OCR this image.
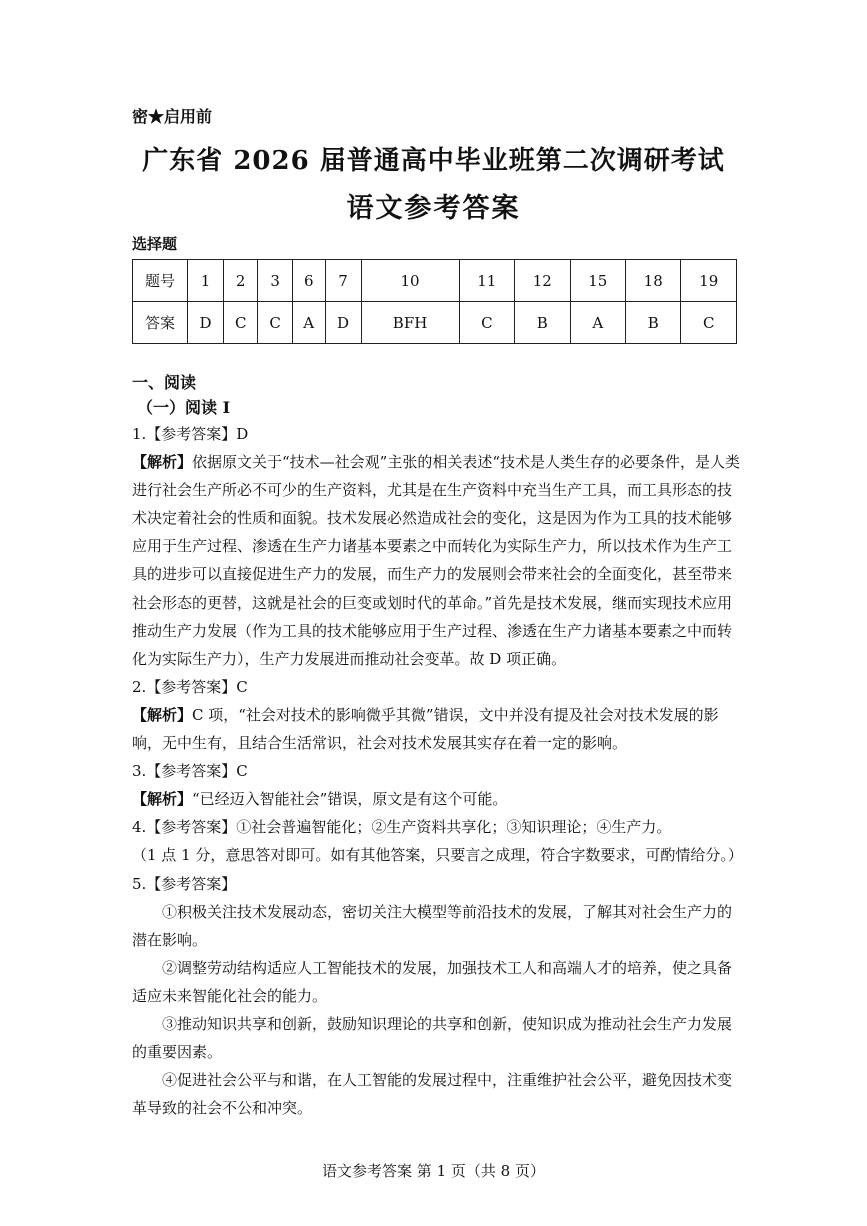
密★启用前
广东省 2026 届普通高中毕业班第二次调研考试
语文参考答案
选择题
题号	1	2	3	6	7	10	11	12	15	18	19
答案	D	C	C	A	D	BFH	C	B	A	B	C
一、阅读
（一）阅读 I

1.【参考答案】D

【解析】依据原文关于“技术—社会观”主张的相关表述“技术是人类生存的必要条件，是人类进行社会生产所必不可少的生产资料，尤其是在生产资料中充当生产工具，而工具形态的技术决定着社会的性质和面貌。技术发展必然造成社会的变化，这是因为作为工具的技术能够应用于生产过程、渗透在生产力诸基本要素之中而转化为实际生产力，所以技术作为生产工具的进步可以直接促进生产力的发展，而生产力的发展则会带来社会的全面变化，甚至带来社会形态的更替，这就是社会的巨变或划时代的革命。”首先是技术发展，继而实现技术应用推动生产力发展（作为工具的技术能够应用于生产过程、渗透在生产力诸基本要素之中而转化为实际生产力），生产力发展进而推动社会变革。故 D 项正确。

2.【参考答案】C

【解析】C 项，“社会对技术的影响微乎其微”错误，文中并没有提及社会对技术发展的影响，无中生有，且结合生活常识，社会对技术发展其实存在着一定的影响。

3.【参考答案】C

【解析】“已经迈入智能社会”错误，原文是有这个可能。

4.【参考答案】①社会普遍智能化；②生产资料共享化；③知识理论；④生产力。

（1 点 1 分，意思答对即可。如有其他答案，只要言之成理，符合字数要求，可酌情给分。）

5.【参考答案】

①积极关注技术发展动态，密切关注大模型等前沿技术的发展，了解其对社会生产力的潜在影响。

②调整劳动结构适应人工智能技术的发展，加强技术工人和高端人才的培养，使之具备适应未来智能化社会的能力。

③推动知识共享和创新，鼓励知识理论的共享和创新，使知识成为推动社会生产力发展的重要因素。

④促进社会公平与和谐，在人工智能的发展过程中，注重维护社会公平，避免因技术变革导致的社会不公和冲突。

语文参考答案 第 1 页（共 8 页）
